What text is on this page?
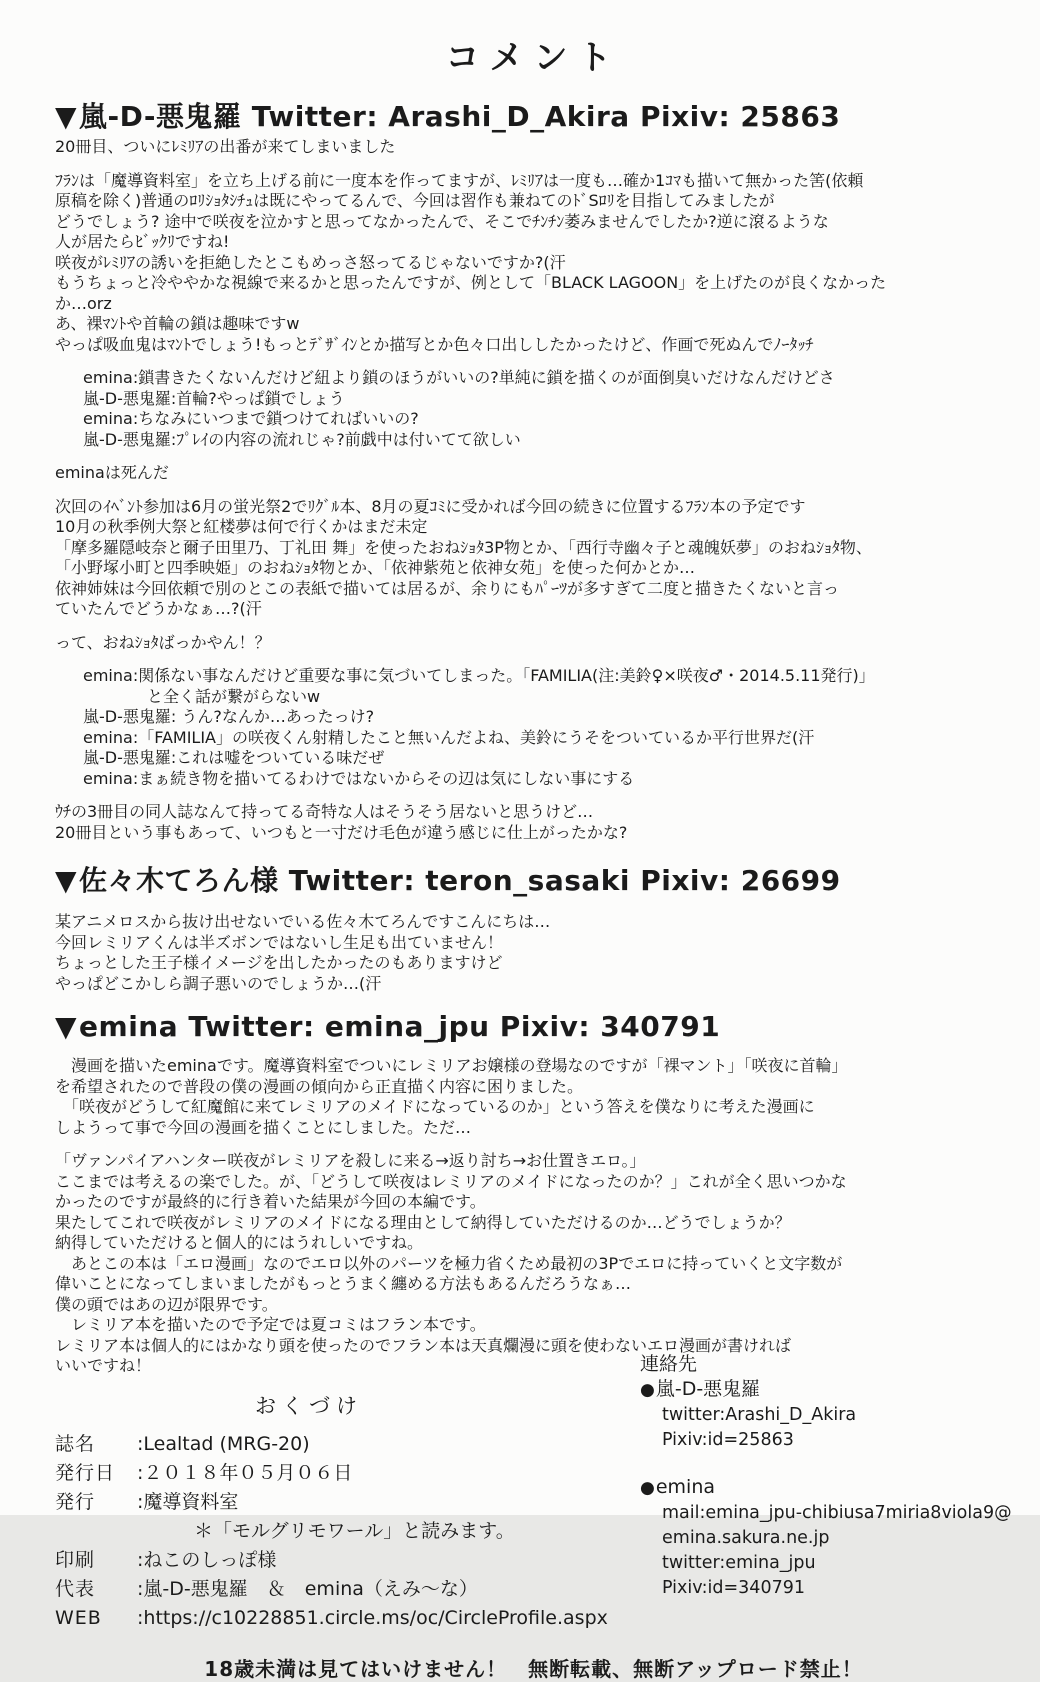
コメント
▼嵐-D-悪鬼羅 Twitter: Arashi_D_Akira Pixiv: 25863
20冊目、ついにﾚﾐﾘｱの出番が来てしまいました
ﾌﾗﾝは「魔導資料室」を立ち上げる前に一度本を作ってますが、ﾚﾐﾘｱは一度も…確か1ｺﾏも描いて無かった筈(依頼
原稿を除く)普通のﾛﾘｼｮﾀｼﾁｭは既にやってるんで、今回は習作も兼ねてのﾄﾞSﾛﾘを目指してみましたが
どうでしょう? 途中で咲夜を泣かすと思ってなかったんで、そこでﾁﾝﾁﾝ萎みませんでしたか?逆に滾るような
人が居たらﾋﾞｯｸﾘですね!
咲夜がﾚﾐﾘｱの誘いを拒絶したとこもめっさ怒ってるじゃないですか?(汗
もうちょっと冷ややかな視線で来るかと思ったんですが、例として「BLACK LAGOON」を上げたのが良くなかった
か…orz
あ、裸ﾏﾝﾄや首輪の鎖は趣味ですw
やっぱ吸血鬼はﾏﾝﾄでしょう!もっとﾃﾞｻﾞｲﾝとか描写とか色々口出ししたかったけど、作画で死ぬんでﾉｰﾀｯﾁ
emina:鎖書きたくないんだけど紐より鎖のほうがいいの?単純に鎖を描くのが面倒臭いだけなんだけどさ
嵐-D-悪鬼羅:首輪?やっぱ鎖でしょう
emina:ちなみにいつまで鎖つけてればいいの?
嵐-D-悪鬼羅:ﾌﾟﾚｲの内容の流れじゃ?前戯中は付いてて欲しい
eminaは死んだ
次回のｲﾍﾞﾝﾄ参加は6月の蛍光祭2でﾘｸﾞﾙ本、8月の夏ｺﾐに受かれば今回の続きに位置するﾌﾗﾝ本の予定です
10月の秋季例大祭と紅楼夢は何で行くかはまだ未定
「摩多羅隠岐奈と爾子田里乃、丁礼田 舞」を使ったおねｼｮﾀ3P物とか、「西行寺幽々子と魂魄妖夢」のおねｼｮﾀ物、
「小野塚小町と四季映姫」のおねｼｮﾀ物とか、「依神紫苑と依神女苑」を使った何かとか…
依神姉妹は今回依頼で別のとこの表紙で描いては居るが、余りにもﾊﾟｰﾂが多すぎて二度と描きたくないと言っ
ていたんでどうかなぁ…?(汗
って、おねｼｮﾀばっかやん！？
emina:関係ない事なんだけど重要な事に気づいてしまった。「FAMILIA(注:美鈴♀×咲夜♂・2014.5.11発行)」
　　　　と全く話が繋がらないw
嵐-D-悪鬼羅: うん?なんか…あったっけ?
emina:「FAMILIA」の咲夜くん射精したこと無いんだよね、美鈴にうそをついているか平行世界だ(汗
嵐-D-悪鬼羅:これは嘘をついている味だぜ
emina:まぁ続き物を描いてるわけではないからその辺は気にしない事にする
ｳﾁの3冊目の同人誌なんて持ってる奇特な人はそうそう居ないと思うけど…
20冊目という事もあって、いつもと一寸だけ毛色が違う感じに仕上がったかな?
▼佐々木てろん様 Twitter: teron_sasaki Pixiv: 26699
某アニメロスから抜け出せないでいる佐々木てろんですこんにちは…
今回レミリアくんは半ズボンではないし生足も出ていません！
ちょっとした王子様イメージを出したかったのもありますけど
やっぱどこかしら調子悪いのでしょうか…(汗
▼emina Twitter: emina_jpu Pixiv: 340791
　漫画を描いたeminaです。魔導資料室でついにレミリアお嬢様の登場なのですが「裸マント」「咲夜に首輪」
を希望されたので普段の僕の漫画の傾向から正直描く内容に困りました。
　「咲夜がどうして紅魔館に来てレミリアのメイドになっているのか」という答えを僕なりに考えた漫画に
しようって事で今回の漫画を描くことにしました。ただ…
「ヴァンパイアハンター咲夜がレミリアを殺しに来る→返り討ち→お仕置きエロ。」
ここまでは考えるの楽でした。が、「どうして咲夜はレミリアのメイドになったのか？」これが全く思いつかな
かったのですが最終的に行き着いた結果が今回の本編です。
果たしてこれで咲夜がレミリアのメイドになる理由として納得していただけるのか…どうでしょうか？
納得していただけると個人的にはうれしいですね。
　あとこの本は「エロ漫画」なのでエロ以外のパーツを極力省くため最初の3Pでエロに持っていくと文字数が
偉いことになってしまいましたがもっとうまく纏める方法もあるんだろうなぁ…
僕の頭ではあの辺が限界です。
　レミリア本を描いたので予定では夏コミはフラン本です。
レミリア本は個人的にはかなり頭を使ったのでフラン本は天真爛漫に頭を使わないエロ漫画が書ければ
いいですね！
おくづけ
誌名 :Lealtad (MRG-20)
発行日 :２０１８年０５月０６日
発行 :魔導資料室
　　　＊「モルグリモワール」と読みます。
印刷 :ねこのしっぽ様
代表 :嵐-D-悪鬼羅　＆　emina（えみ～な）
WEB :https://c10228851.circle.ms/oc/CircleProfile.aspx
連絡先
●嵐-D-悪鬼羅
twitter:Arashi_D_Akira
Pixiv:id=25863
●emina
mail:emina_jpu-chibiusa7miria8viola9@
emina.sakura.ne.jp
twitter:emina_jpu
Pixiv:id=340791
18歳未満は見てはいけません！　無断転載、無断アップロード禁止！
